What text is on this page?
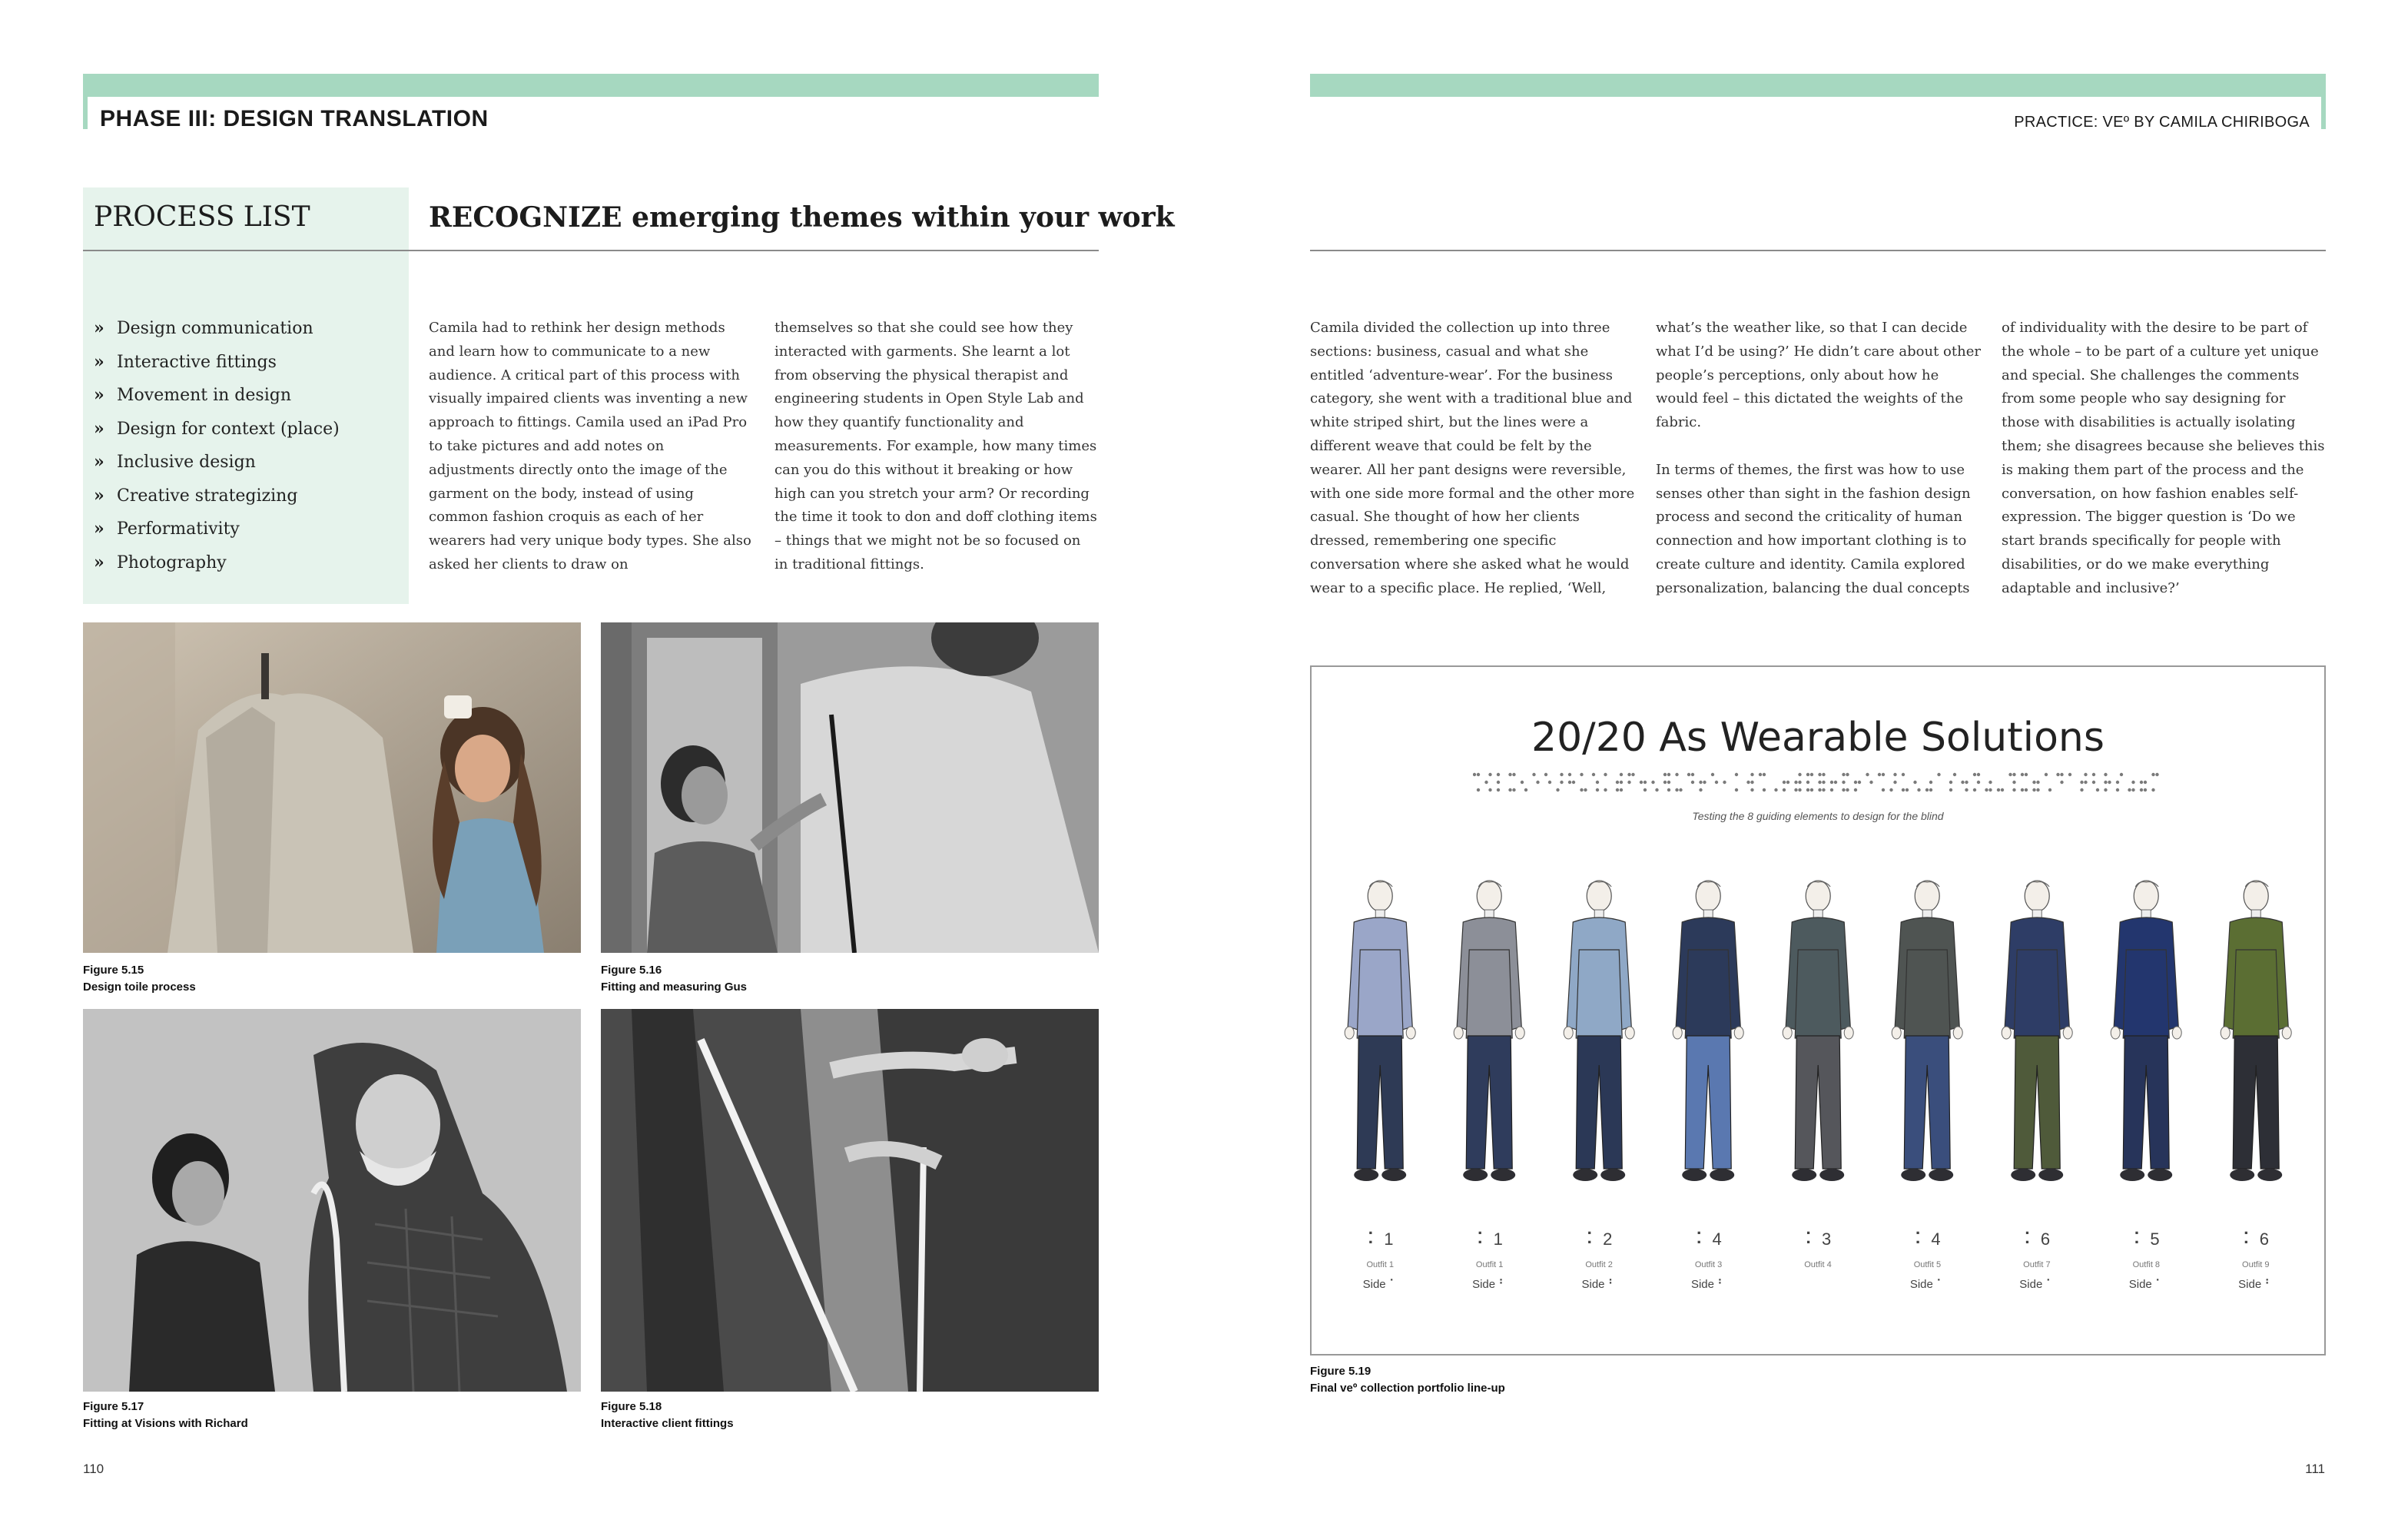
PHASE III: DESIGN TRANSLATION
PROCESS LIST	RECOGNIZE emerging themes within your work
» Design communication
» Interactive fittings
» Movement in design
» Design for context (place)
» Inclusive design
» Creative strategizing
» Performativity
» Photography

Camila had to rethink her design methods and learn how to communicate to a new audience. A critical part of this process with visually impaired clients was inventing a new approach to fittings. Camila used an iPad Pro to take pictures and add notes on adjustments directly onto the image of the garment on the body, instead of using common fashion croquis as each of her wearers had very unique body types. She also asked her clients to draw on

themselves so that she could see how they interacted with garments. She learnt a lot from observing the physical therapist and engineering students in Open Style Lab and how they quantify functionality and measurements. For example, how many times can you do this without it breaking or how high can you stretch your arm? Or recording the time it took to don and doff clothing items – things that we might not be so focused on in traditional fittings.

Figure 5.15
Design toile process
Figure 5.16
Fitting and measuring Gus
Figure 5.17
Fitting at Visions with Richard
Figure 5.18
Interactive client fittings
110
PRACTICE: VEº BY CAMILA CHIRIBOGA

Camila divided the collection up into three sections: business, casual and what she entitled ‘adventure-wear’. For the business category, she went with a traditional blue and white striped shirt, but the lines were a different weave that could be felt by the wearer. All her pant designs were reversible, with one side more formal and the other more casual. She thought of how her clients dressed, remembering one specific conversation where she asked what he would wear to a specific place. He replied, ‘Well,

what’s the weather like, so that I can decide what I’d be using?’ He didn’t care about other people’s perceptions, only about how he would feel – this dictated the weights of the fabric.

In terms of themes, the first was how to use senses other than sight in the fashion design process and second the criticality of human connection and how important clothing is to create culture and identity. Camila explored personalization, balancing the dual concepts

of individuality with the desire to be part of the whole – to be part of a culture yet unique and special. She challenges the comments from some people who say designing for those with disabilities is actually isolating them; she disagrees because she believes this is making them part of the process and the conversation, on how fashion enables self-expression. The bigger question is ‘Do we start brands specifically for people with disabilities, or do we make everything adaptable and inclusive?’

20/20 As Wearable Solutions
Testing the 8 guiding elements to design for the blind
⠅ 1
Outfit 1
Side ⠁
⠅ 1
Outfit 1
Side ⠃
⠅ 2
Outfit 2
Side ⠃
⠅ 4
Outfit 3
Side ⠃
⠅ 3
Outfit 4
⠅ 4
Outfit 5
Side ⠁
⠅ 6
Outfit 7
Side ⠁
⠅ 5
Outfit 8
Side ⠁
⠅ 6
Outfit 9
Side ⠃
Figure 5.19
Final veº collection portfolio line-up
111
